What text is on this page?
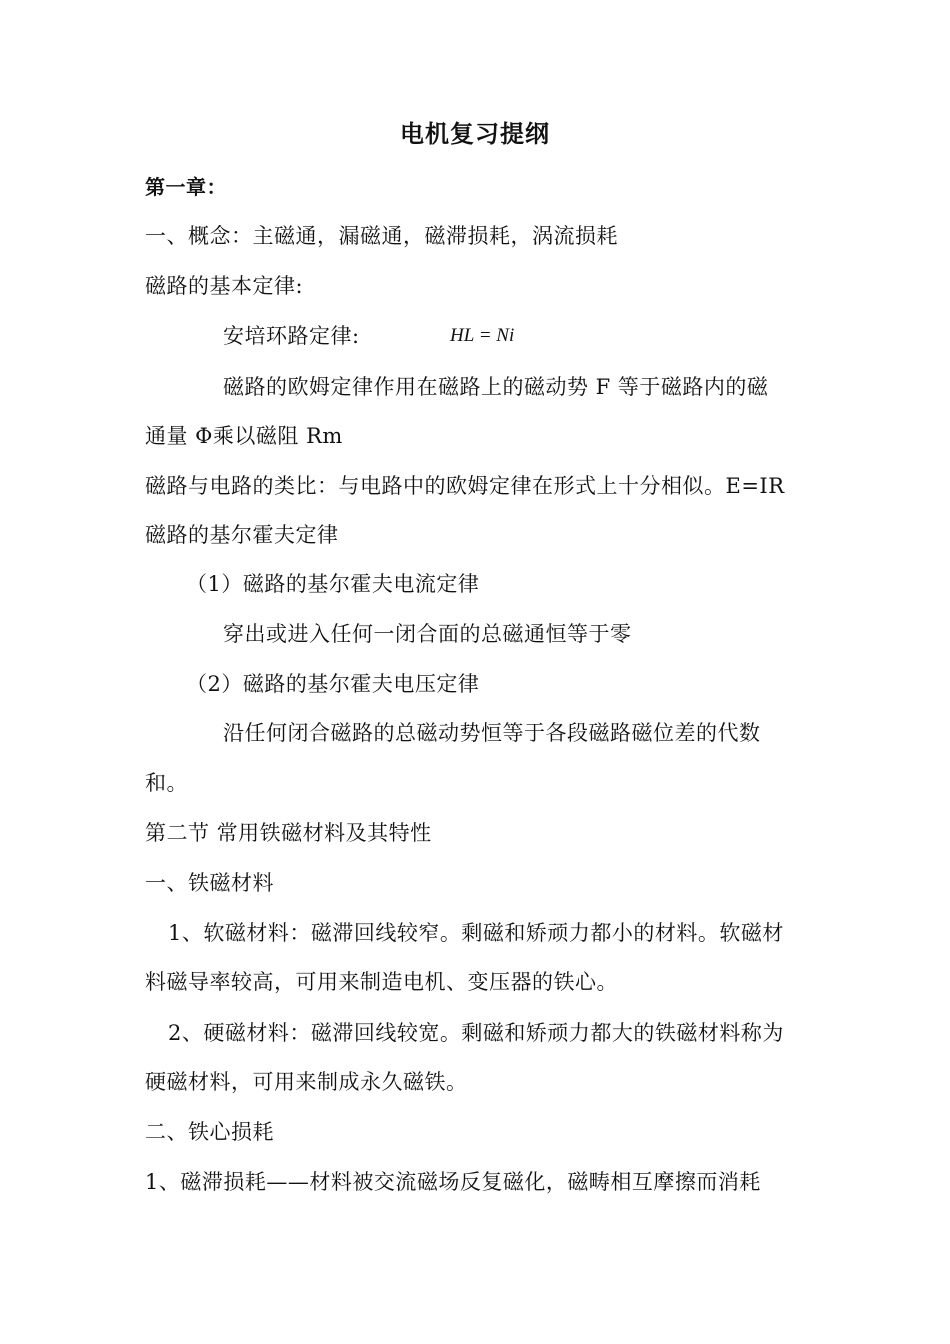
电机复习提纲
第一章：
一、概念：主磁通，漏磁通，磁滞损耗，涡流损耗
磁路的基本定律:
安培环路定律:	HL = Ni
磁路的欧姆定律作用在磁路上的磁动势 F 等于磁路内的磁
通量 Φ乘以磁阻 Rm
磁路与电路的类比：与电路中的欧姆定律在形式上十分相似。E=IR
磁路的基尔霍夫定律
（1）磁路的基尔霍夫电流定律
穿出或进入任何一闭合面的总磁通恒等于零
（2）磁路的基尔霍夫电压定律
沿任何闭合磁路的总磁动势恒等于各段磁路磁位差的代数
和。
第二节 常用铁磁材料及其特性
一、铁磁材料
1、软磁材料：磁滞回线较窄。剩磁和矫顽力都小的材料。软磁材
料磁导率较高，可用来制造电机、变压器的铁心。
2、硬磁材料：磁滞回线较宽。剩磁和矫顽力都大的铁磁材料称为
硬磁材料，可用来制成永久磁铁。
二、铁心损耗
1、磁滞损耗——材料被交流磁场反复磁化，磁畴相互摩擦而消耗
